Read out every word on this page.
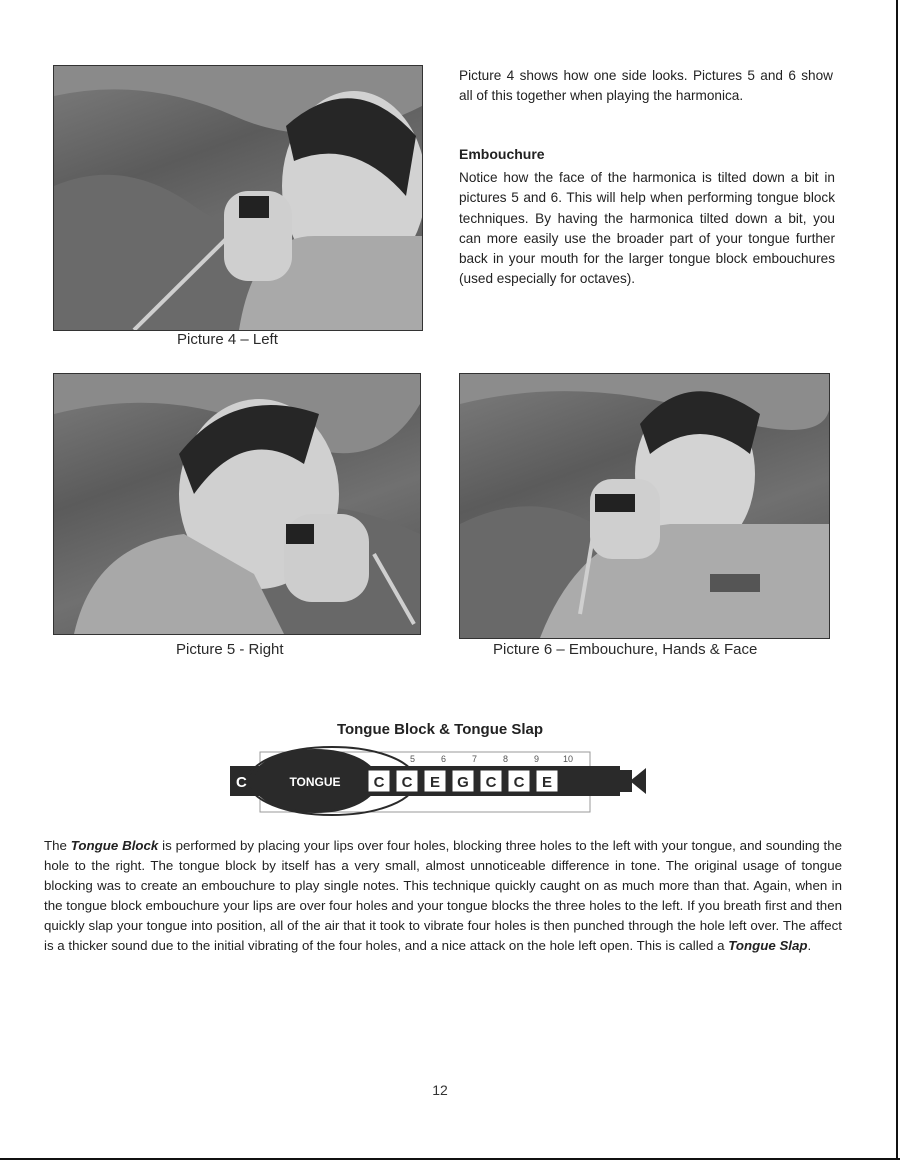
Picture 4 – Left
Picture 4 shows how one side looks. Pictures 5 and 6 show all of this together when playing the harmonica.
Embouchure
Notice how the face of the harmonica is tilted down a bit in pictures 5 and 6. This will help when performing tongue block techniques. By having the harmonica tilted down a bit, you can more easily use the broader part of your tongue further back in your mouth for the larger tongue block embouchures (used especially for octaves).
Picture 5 - Right	Picture 6 – Embouchure, Hands & Face
Tongue Block & Tongue Slap
5	6	7	8	9	10
C	TONGUE C C E G C C E
The Tongue Block is performed by placing your lips over four holes, blocking three holes to the left with your tongue, and sounding the hole to the right. The tongue block by itself has a very small, almost unnoticeable difference in tone. The original usage of tongue blocking was to create an embouchure to play single notes. This technique quickly caught on as much more than that. Again, when in the tongue block embouchure your lips are over four holes and your tongue blocks the three holes to the left. If you breath first and then quickly slap your tongue into position, all of the air that it took to vibrate four holes is then punched through the hole left over. The affect is a thicker sound due to the initial vibrating of the four holes, and a nice attack on the hole left open. This is called a Tongue Slap.
12
